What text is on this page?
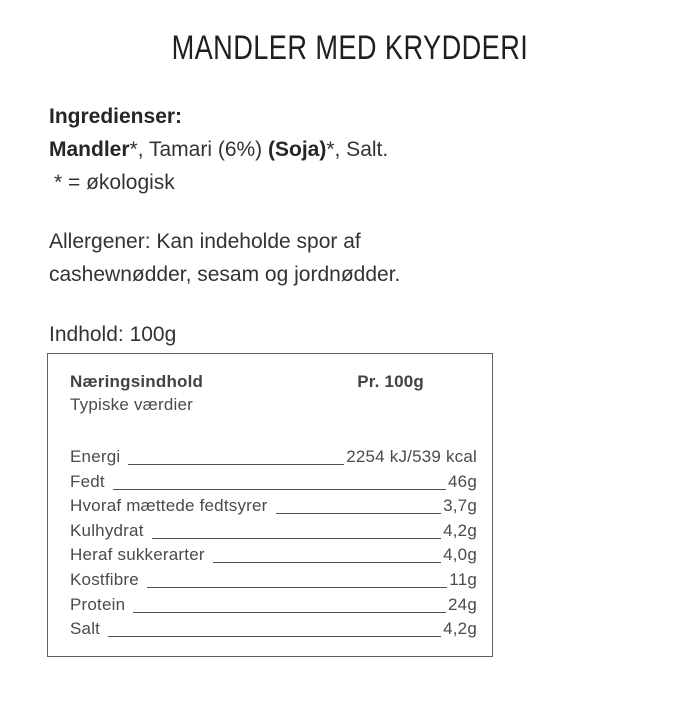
MANDLER MED KRYDDERI

Ingredienser:

Mandler*, Tamari (6%) (Soja)*, Salt.

* = økologisk

Allergener: Kan indeholde spor af

cashewnødder, sesam og jordnødder.

Indhold: 100g

Næringsindhold	Pr. 100g
Typiske værdier
Energi	2254 kJ/539 kcal
Fedt	46g
Hvoraf mættede fedtsyrer	3,7g
Kulhydrat	4,2g
Heraf sukkerarter	4,0g
Kostfibre	11g
Protein	24g
Salt	4,2g
